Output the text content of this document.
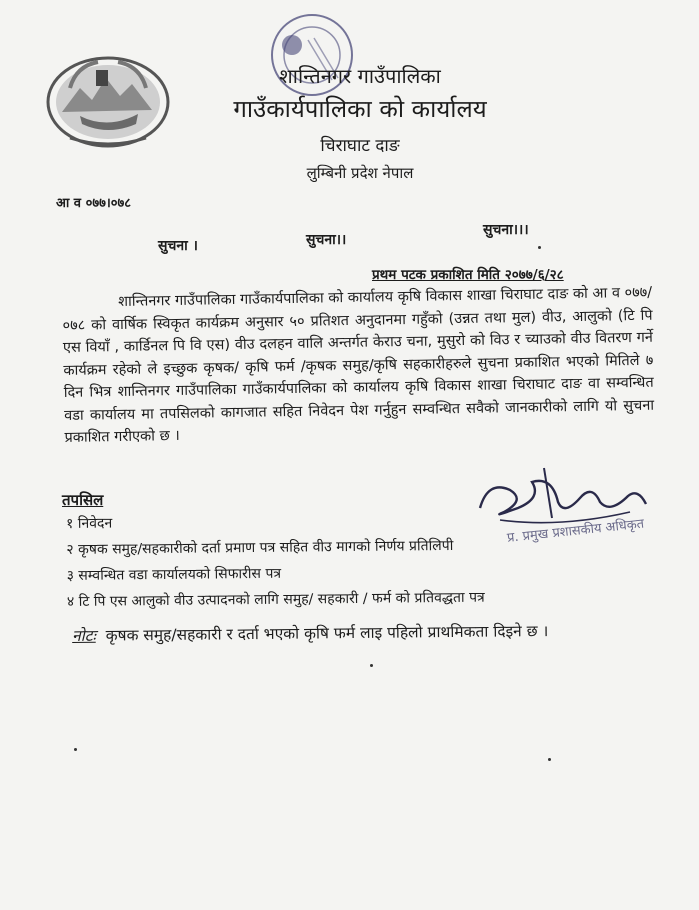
शान्तिनगर गाउँपालिका
गाउँकार्यपालिका को कार्यालय
चिराघाट दाङ
लुम्बिनी प्रदेश नेपाल
आ व ०७७।०७८
सुचना ।	सुचना।।
सुचना।।।
प्रथम पटक प्रकाशित मिति २०७७/६/२८
शान्तिनगर गाउँपालिका गाउँकार्यपालिका को कार्यालय कृषि विकास शाखा चिराघाट दाङ को आ व ०७७/ ०७८ को वार्षिक स्विकृत कार्यक्रम अनुसार ५० प्रतिशत अनुदानमा गहुँको (उन्नत तथा मुल) वीउ, आलुको (टि पि एस वियाँ , कार्डिनल पि वि एस) वीउ दलहन वालि अन्तर्गत केराउ चना, मुसुरो को विउ र च्याउको वीउ वितरण गर्ने कार्यक्रम रहेको ले इच्छुक कृषक/ कृषि फर्म /कृषक समुह/कृषि सहकारीहरुले सुचना प्रकाशित भएको मितिले ७ दिन भित्र शान्तिनगर गाउँपालिका गाउँकार्यपालिका को कार्यालय कृषि विकास शाखा चिराघाट दाङ वा सम्वन्धित वडा कार्यालय मा तपसिलको कागजात सहित निवेदन पेश गर्नुहुन सम्वन्धित सवैको जानकारीको लागि यो सुचना प्रकाशित गरीएको छ ।
तपसिल
१ निवेदन
२ कृषक समुह/सहकारीको दर्ता प्रमाण पत्र सहित वीउ मागको निर्णय प्रतिलिपी
३ सम्वन्धित वडा कार्यालयको सिफारीस पत्र
४ टि पि एस आलुको वीउ उत्पादनको लागि समुह/ सहकारी / फर्म को प्रतिवद्धता पत्र
नोटः कृषक समुह/सहकारी र दर्ता भएको कृषि फर्म लाइ पहिलो प्राथमिकता दिइने छ ।
प्र. प्रमुख प्रशासकीय अधिकृत
